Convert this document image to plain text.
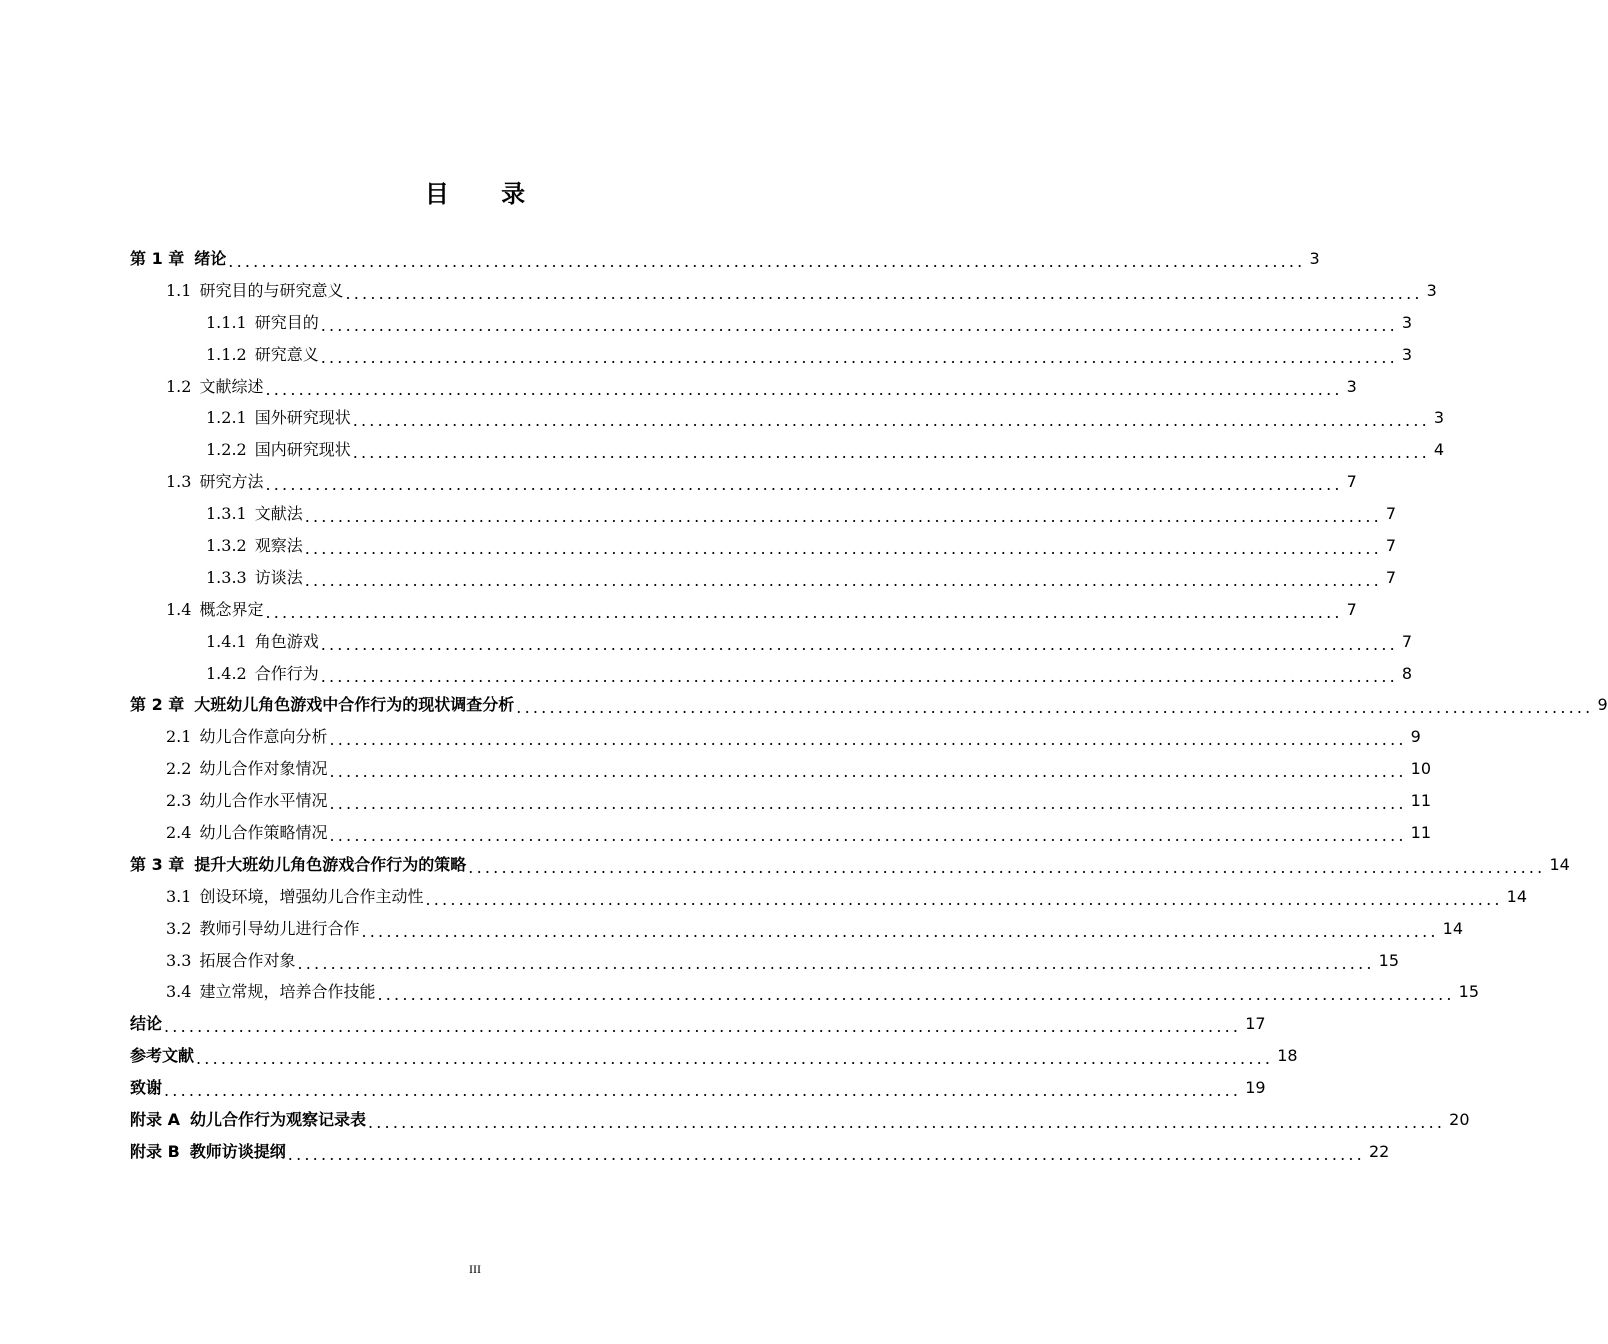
目 录
第 1 章 绪论 .................................................................................................................................. 3
1.1 研究目的与研究意义 .................................................................................................................................. 3
1.1.1 研究目的 .................................................................................................................................. 3
1.1.2 研究意义 .................................................................................................................................. 3
1.2 文献综述 .................................................................................................................................. 3
1.2.1 国外研究现状 .................................................................................................................................. 3
1.2.2 国内研究现状 .................................................................................................................................. 4
1.3 研究方法 .................................................................................................................................. 7
1.3.1 文献法 .................................................................................................................................. 7
1.3.2 观察法 .................................................................................................................................. 7
1.3.3 访谈法 .................................................................................................................................. 7
1.4 概念界定 .................................................................................................................................. 7
1.4.1 角色游戏 .................................................................................................................................. 7
1.4.2 合作行为 .................................................................................................................................. 8
第 2 章 大班幼儿角色游戏中合作行为的现状调查分析 .................................................................................................................................. 9
2.1 幼儿合作意向分析 .................................................................................................................................. 9
2.2 幼儿合作对象情况 .................................................................................................................................. 10
2.3 幼儿合作水平情况 .................................................................................................................................. 11
2.4 幼儿合作策略情况 .................................................................................................................................. 11
第 3 章 提升大班幼儿角色游戏合作行为的策略 .................................................................................................................................. 14
3.1 创设环境，增强幼儿合作主动性 .................................................................................................................................. 14
3.2 教师引导幼儿进行合作 .................................................................................................................................. 14
3.3 拓展合作对象 .................................................................................................................................. 15
3.4 建立常规，培养合作技能 .................................................................................................................................. 15
结论 .................................................................................................................................. 17
参考文献 .................................................................................................................................. 18
致谢 .................................................................................................................................. 19
附录 A 幼儿合作行为观察记录表 .................................................................................................................................. 20
附录 B 教师访谈提纲 .................................................................................................................................. 22
III
